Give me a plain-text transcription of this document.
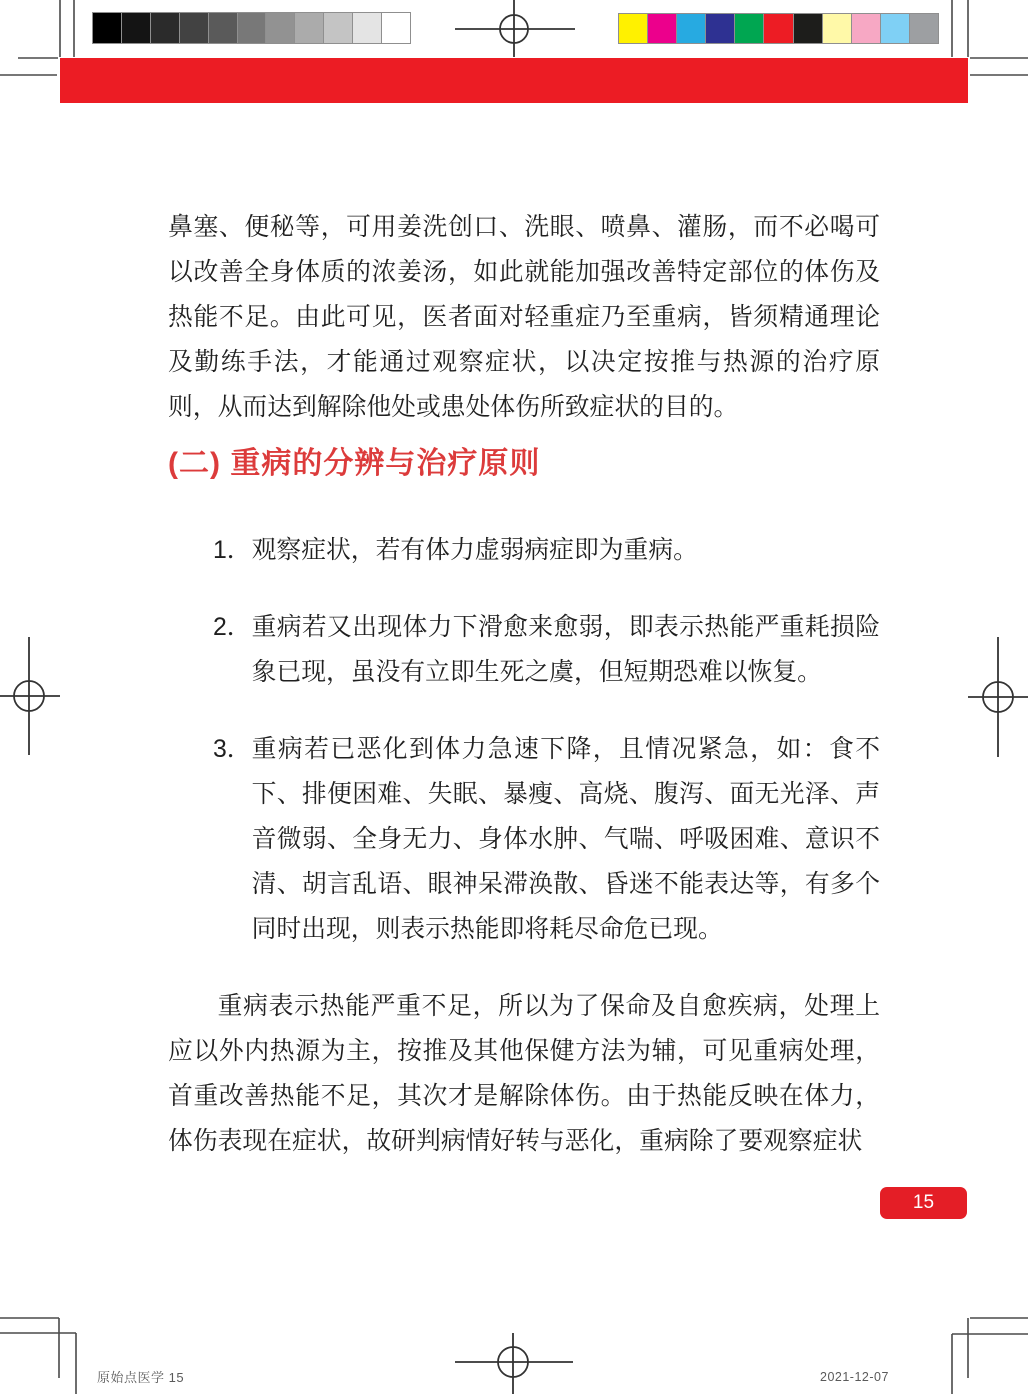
鼻塞、便秘等，可用姜洗创口、洗眼、喷鼻、灌肠，而不必喝可以改善全身体质的浓姜汤，如此就能加强改善特定部位的体伤及热能不足。由此可见，医者面对轻重症乃至重病，皆须精通理论及勤练手法，才能通过观察症状，以决定按推与热源的治疗原则，从而达到解除他处或患处体伤所致症状的目的。

(二) 重病的分辨与治疗原则
1． 观察症状，若有体力虚弱病症即为重病。
2． 重病若又出现体力下滑愈来愈弱，即表示热能严重耗损险象已现，虽没有立即生死之虞，但短期恐难以恢复。
3． 重病若已恶化到体力急速下降，且情况紧急，如：食不下、排便困难、失眠、暴瘦、高烧、腹泻、面无光泽、声音微弱、全身无力、身体水肿、气喘、呼吸困难、意识不清、胡言乱语、眼神呆滞涣散、昏迷不能表达等，有多个同时出现，则表示热能即将耗尽命危已现。

重病表示热能严重不足，所以为了保命及自愈疾病，处理上应以外内热源为主，按推及其他保健方法为辅，可见重病处理，首重改善热能不足，其次才是解除体伤。由于热能反映在体力，体伤表现在症状，故研判病情好转与恶化，重病除了要观察症状

15
原始点医学 15	2021-12-07
